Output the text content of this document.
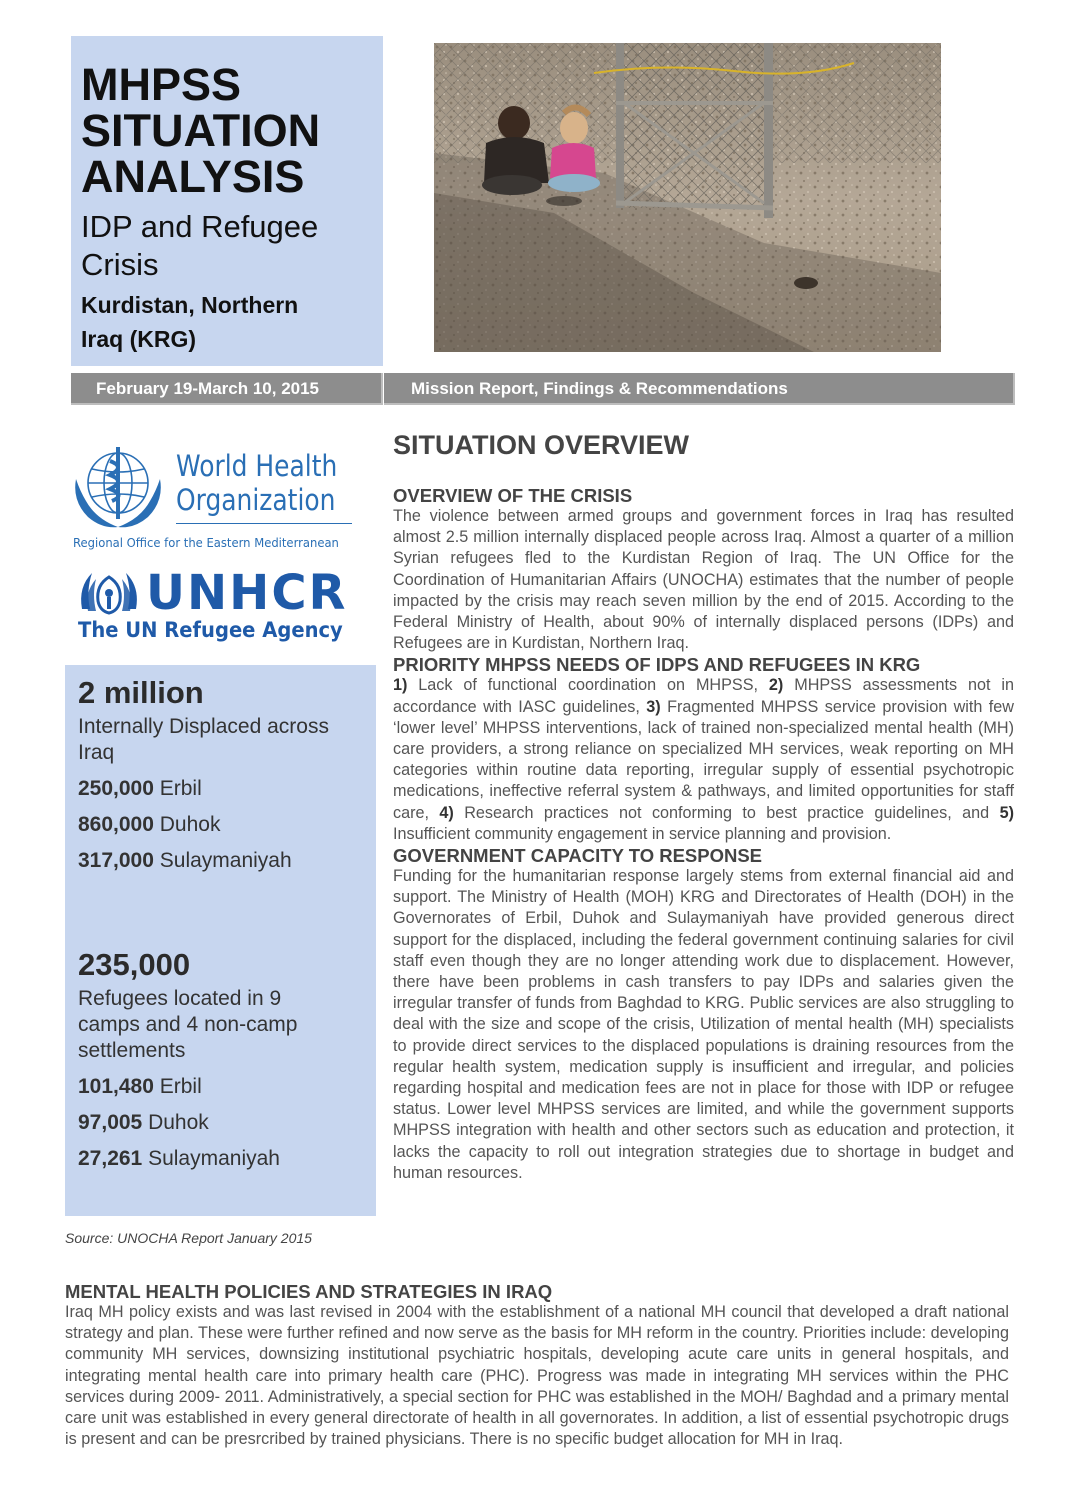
MHPSS
SITUATION
ANALYSIS
IDP and Refugee
Crisis
Kurdistan, Northern
Iraq (KRG)
February 19-March 10, 2015	Mission Report, Findings & Recommendations
World Health
Organization
Regional Office for the Eastern Mediterranean
UNHCR
The UN Refugee Agency
2 million
Internally Displaced across Iraq
250,000 Erbil
860,000 Duhok
317,000 Sulaymaniyah
235,000
Refugees located in 9 camps and 4 non-camp settlements
101,480 Erbil
97,005 Duhok
27,261 Sulaymaniyah
Source: UNOCHA Report January 2015
SITUATION OVERVIEW
OVERVIEW OF THE CRISIS

The violence between armed groups and government forces in Iraq has resulted almost 2.5 million internally displaced people across Iraq. Almost a quarter of a million Syrian refugees fled to the Kurdistan Region of Iraq. The UN Office for the Coordination of Humanitarian Affairs (UNOCHA) estimates that the number of people impacted by the crisis may reach seven million by the end of 2015. According to the Federal Ministry of Health, about 90% of internally displaced persons (IDPs) and Refugees are in Kurdistan, Northern Iraq.

PRIORITY MHPSS NEEDS OF IDPS AND REFUGEES IN KRG

1) Lack of functional coordination on MHPSS, 2) MHPSS assessments not in accordance with IASC guidelines, 3) Fragmented MHPSS service provision with few ‘lower level’ MHPSS interventions, lack of trained non-specialized mental health (MH) care providers, a strong reliance on specialized MH services, weak reporting on MH categories within routine data reporting, irregular supply of essential psychotropic medications, ineffective referral system & pathways, and limited opportunities for staff care, 4) Research practices not conforming to best practice guidelines, and 5) Insufficient community engagement in service planning and provision.

GOVERNMENT CAPACITY TO RESPONSE

Funding for the humanitarian response largely stems from external financial aid and support. The Ministry of Health (MOH) KRG and Directorates of Health (DOH) in the Governorates of Erbil, Duhok and Sulaymaniyah have provided generous direct support for the displaced, including the federal government continuing salaries for civil staff even though they are no longer attending work due to displacement. However, there have been problems in cash transfers to pay IDPs and salaries given the irregular transfer of funds from Baghdad to KRG. Public services are also struggling to deal with the size and scope of the crisis, Utilization of mental health (MH) specialists to provide direct services to the displaced populations is draining resources from the regular health system, medication supply is insufficient and irregular, and policies regarding hospital and medication fees are not in place for those with IDP or refugee status. Lower level MHPSS services are limited, and while the government supports MHPSS integration with health and other sectors such as education and protection, it lacks the capacity to roll out integration strategies due to shortage in budget and human resources.

MENTAL HEALTH POLICIES AND STRATEGIES IN IRAQ

Iraq MH policy exists and was last revised in 2004 with the establishment of a national MH council that developed a draft national strategy and plan. These were further refined and now serve as the basis for MH reform in the country. Priorities include: developing community MH services, downsizing institutional psychiatric hospitals, developing acute care units in general hospitals, and integrating mental health care into primary health care (PHC). Progress was made in integrating MH services within the PHC services during 2009- 2011. Administratively, a special section for PHC was established in the MOH/ Baghdad and a primary mental care unit was established in every general directorate of health in all governorates. In addition, a list of essential psychotropic drugs is present and can be presrcribed by trained physicians. There is no specific budget allocation for MH in Iraq.
